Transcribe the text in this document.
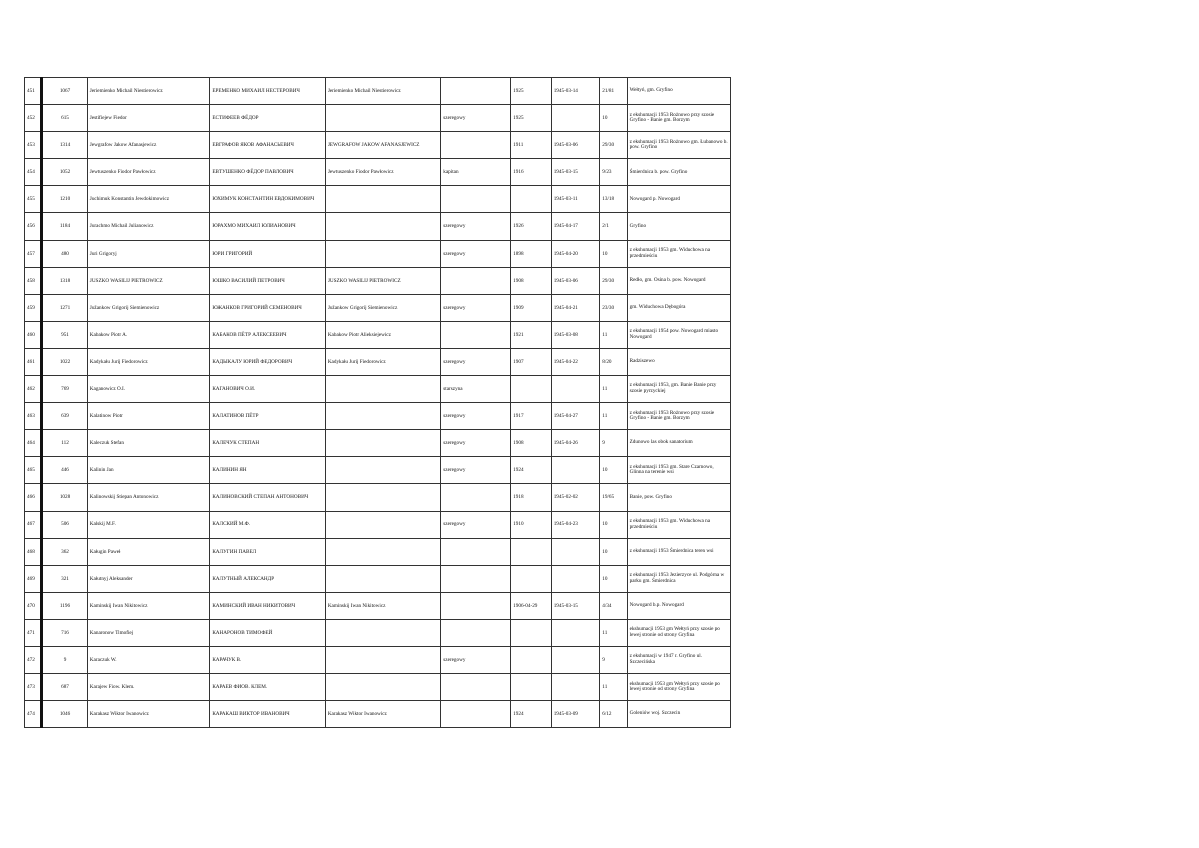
451	1067	Jeriemienko Michail Niestierowicz	ЕРЕМЕНКО МИХАИЛ НЕСТЕРОВИЧ	Jeriemienko Michail Niestierowicz		1925	1945-03-14	21/81	Wełtyń, gm. Gryfino
452	615	Jestifiejew Fiedor	ЕСТИФЕЕВ ФЁДОР		szeregowy	1925		10	z ekshumacji 1953 Rożnowo przy szosie Gryfino - Banie gm. Borzym
453	1314	Jewgrafow Jakow Afanasjewicz	ЕВГРАФОВ ЯКОВ АФАНАСЬЕВИЧ	JEWGRAFOW JAKOW AFANASJEWICZ		1911	1945-03-06	29/30	z ekshumacji 1953 Rożnowo gm. Łubanowo b. pow. Gryfino
454	1052	Jewtuszenko Fiodor Pawłowicz	ЕВТУШЕНКО ФЁДОР ПАВЛОВИЧ	Jewtuszenko Fiodor Pawłowicz	kapitan	1916	1945-03-15	9/23	Śmierdnica b. pow. Gryfino
455	1210	Juchimuk Konstantin Jewdokimowicz	ЮХИМУК КОНСТАНТИН ЕВДОКИМОВИЧ				1945-03-11	13/18	Nowogard p. Nowogard
456	1184	Jurachmo Michail Julianowicz	ЮРАХМО МИХАИЛ ЮЛИАНОВИЧ		szeregowy	1926	1945-04-17	2/1	Gryfino
457	480	Juri Grigoryj	ЮРИ ГРИГОРИЙ		szeregowy	1898	1945-04-20	10	z ekshumacji 1953 gm. Widuchowa na przedmieściu
458	1318	JUSZKO WASILIJ PIETROWICZ	ЮШКО ВАСИЛИЙ ПЕТРОВИЧ	JUSZKO WASILIJ PIETROWICZ		1908	1945-03-06	29/30	Redło, gm. Osina b. pow. Nowogard
459	1271	Južankow Grigorij Siemienowicz	ЮЖАНКОВ ГРИГОРИЙ СЕМЕНОВИЧ	Južankow Grigorij Siemienowicz	szeregowy	1909	1945-04-21	23/30	gm. Widuchowa Dębogóra
460	951	Kabakow Piotr A.	КАБАКОВ ПЁТР АЛЕКСЕЕВИЧ	Kabakow Piotr Alieksiejewicz		1921	1945-03-08	11	z ekshumacji 1954 pow. Nowogard miasto Nowogard
461	1022	Kadykału Jurij Fiedorowicz	КАДЫКАЛУ ЮРИЙ ФЕДОРОВИЧ	Kadykału Jurij Fiedorowicz	szeregowy	1907	1945-04-22	8/20	Radziszewo
462	769	Kaganowicz O.I.	КАГАНОВИЧ О.И.		starszyna			11	z ekshumacji 1953, gm. Banie Banie przy szosie pyrzyckiej
463	639	Kalatinow Piotr	КАЛАТИНОВ ПЁТР		szeregowy	1917	1945-04-27	11	z ekshumacji 1953 Rożnowo przy szosie Gryfino - Banie gm. Borzym
464	112	Kaleczuk Stefan	КАЛЕЧУК СТЕПАН		szeregowy	1908	1945-04-26	9	Zdunowo las obok sanatorium
465	446	Kalinin Jan	КАЛИНИН ЯН		szeregowy	1924		10	z ekshumacji 1953 gm. Stare Czarnowo, Glinna na terenie wsi
466	1028	Kalinowskij Stiepan Antonowicz	КАЛИНОВСКИЙ СТЕПАН АНТОНОВИЧ			1918	1945-02-02	19/65	Banie, pow. Gryfino
467	506	Kalskij M.F.	КАЛСКИЙ М.Ф.		szeregowy	1910	1945-04-23	10	z ekshumacji 1953 gm. Widuchowa na przedmieściu
468	362	Kaługin Paweł	КАЛУГИН ПАВЕЛ					10	z ekshumacji 1953 Śmierdnica teren wsi
469	321	Kałutnyj Aleksander	КАЛУТНЫЙ АЛЕКСАНДР					10	z ekshumacji 1953 Jezierzyce ul. Podgórna w parku gm. Śmierdnica
470	1196	Kaminskij Iwan Nikitowicz	КАМИНСКИЙ ИВАН НИКИТОВИЧ	Kaminskij Iwan Nikitowicz		1906-04-29	1945-03-15	4/34	Nowogard b.p. Nowogard
471	716	Kanaronow Timofiej	КАНАРОНОВ ТИМОФЕЙ					11	ekshumacji 1953 gm Wełtyń przy szosie po lewej stronie od strony Gryfina
472	9	Karaczuk W.	КАРАЧУК В.		szeregowy			9	z ekshumacji w 1947 r. Gryfino ul. Szczecińska
473	687	Karajew Fiow. Klem.	КАРАЕВ ФИОВ. КЛЕМ.					11	ekshumacji 1953 gm Wełtyń przy szosie po lewej stronie od strony Gryfina
474	1046	Karakasz Wiktor Iwanowicz	КАРАКАШ ВИКТОР ИВАНОВИЧ	Karakasz Wiktor Iwanowicz		1924	1945-03-09	6/12	Goleniów woj. Szczecin
